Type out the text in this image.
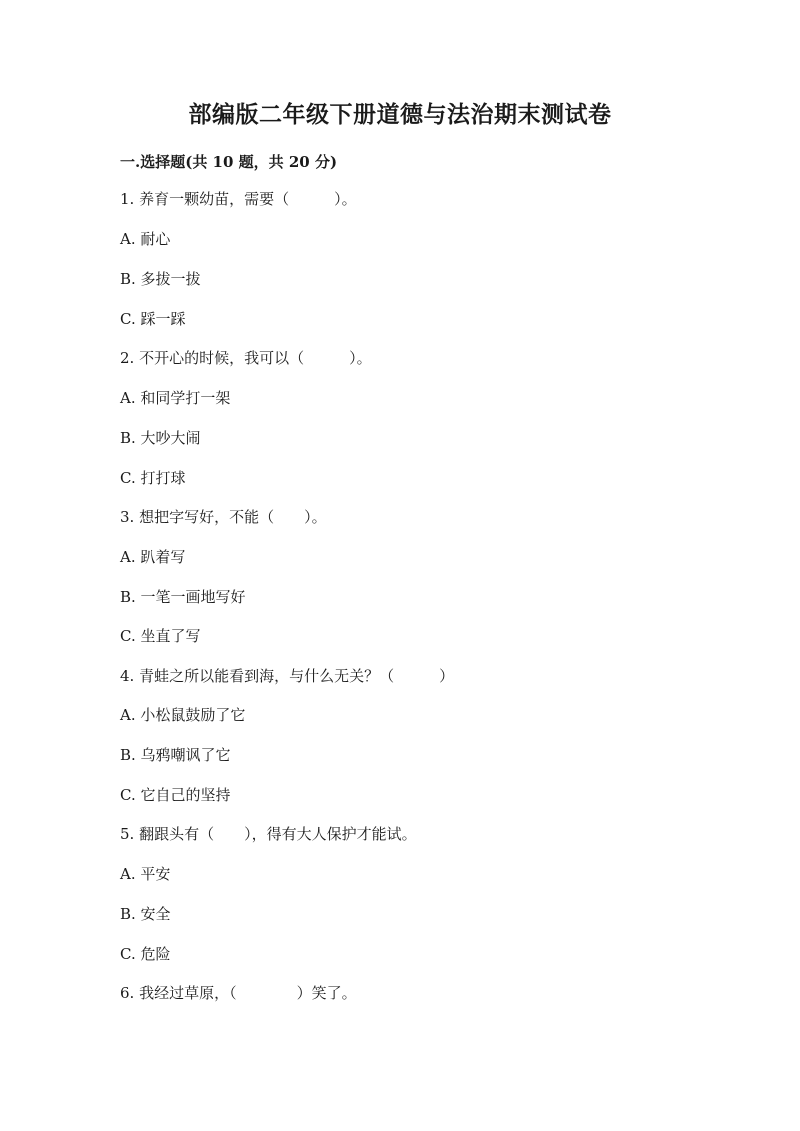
部编版二年级下册道德与法治期末测试卷
一.选择题(共 10 题，共 20 分)
1. 养育一颗幼苗，需要（　　　）。
A. 耐心
B. 多拔一拔
C. 踩一踩
2. 不开心的时候，我可以（　　　）。
A. 和同学打一架
B. 大吵大闹
C. 打打球
3. 想把字写好，不能（　　）。
A. 趴着写
B. 一笔一画地写好
C. 坐直了写
4. 青蛙之所以能看到海，与什么无关？（　　　）
A. 小松鼠鼓励了它
B. 乌鸦嘲讽了它
C. 它自己的坚持
5. 翻跟头有（　　），得有大人保护才能试。
A. 平安
B. 安全
C. 危险
6. 我经过草原，（　　　　）笑了。
